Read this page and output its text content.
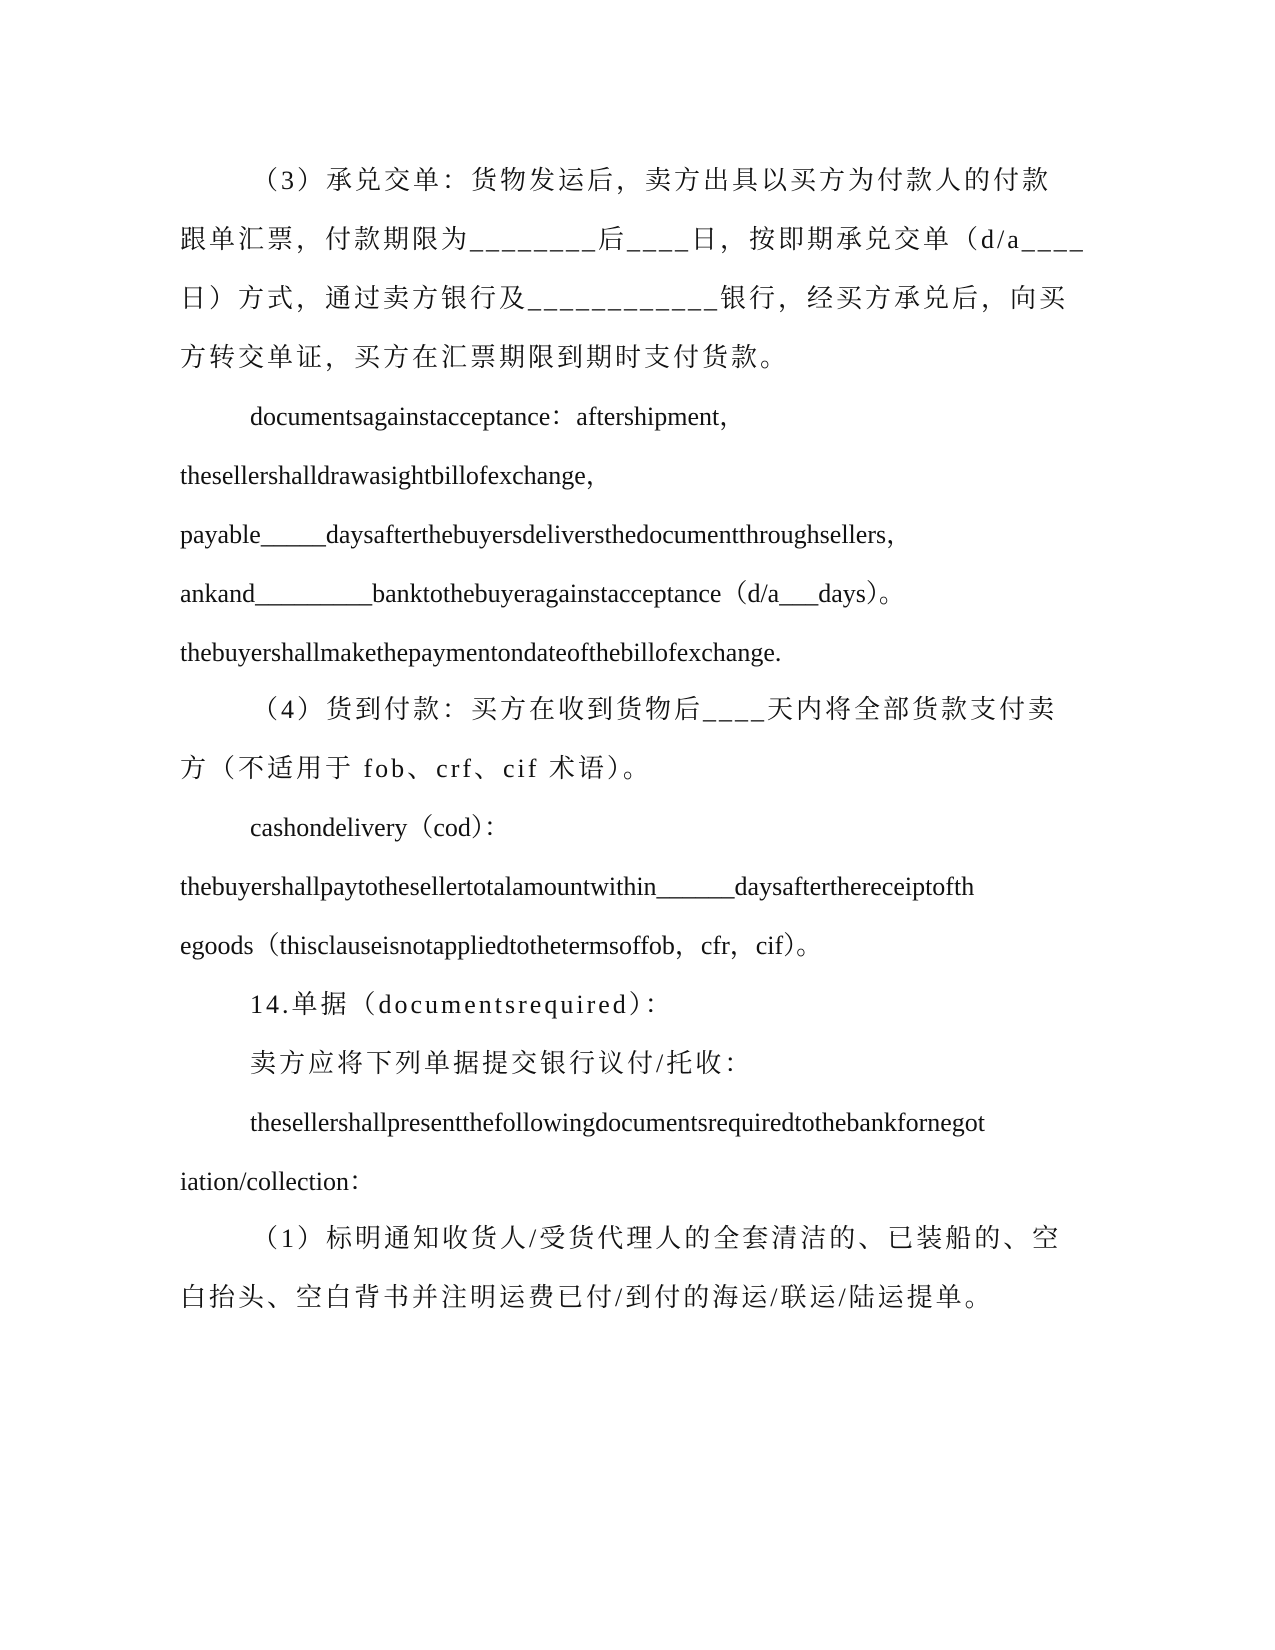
（3）承兑交单：货物发运后，卖方出具以买方为付款人的付款
跟单汇票，付款期限为________后____日，按即期承兑交单（d/a____
日）方式，通过卖方银行及____________银行，经买方承兑后，向买
方转交单证，买方在汇票期限到期时支付货款。
documentsagainstacceptance：aftershipment，
thesellershalldrawasightbillofexchange，
payable_____daysafterthebuyersdeliversthedocumentthroughsellers，
ankand_________banktothebuyeragainstacceptance（d/a___days）。
thebuyershallmakethepaymentondateofthebillofexchange.
（4）货到付款：买方在收到货物后____天内将全部货款支付卖
方（不适用于 fob、crf、cif 术语）。
cashondelivery（cod）：
thebuyershallpaytothesellertotalamountwithin______daysafterthereceiptofth
egoods（thisclauseisnotappliedtothetermsoffob，cfr，cif）。
14.单据（documentsrequired）：
卖方应将下列单据提交银行议付/托收：
thesellershallpresentthefollowingdocumentsrequiredtothebankfornegot
iation/collection：
（1）标明通知收货人/受货代理人的全套清洁的、已装船的、空
白抬头、空白背书并注明运费已付/到付的海运/联运/陆运提单。
